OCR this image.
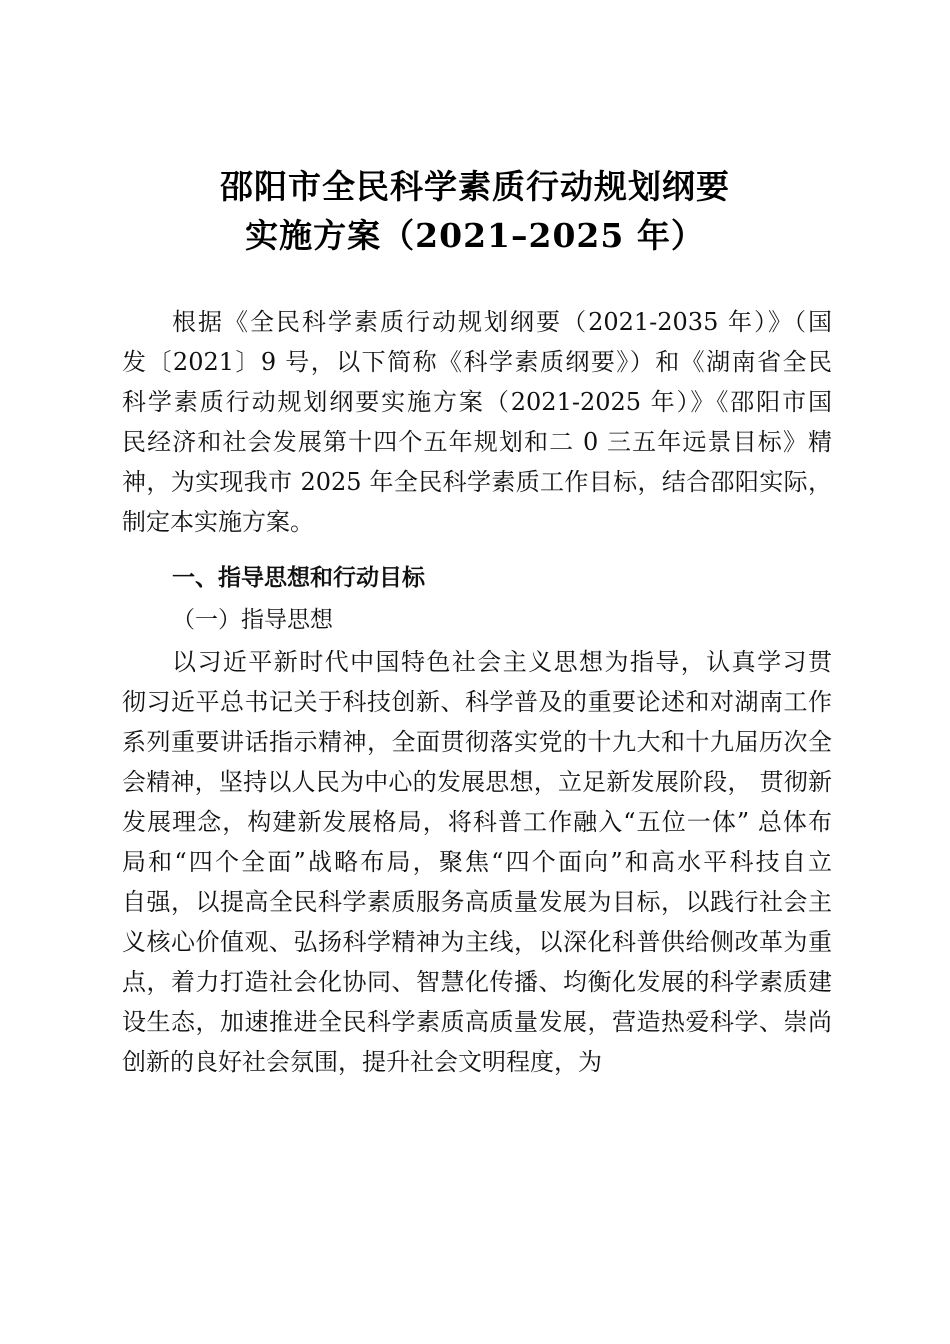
邵阳市全民科学素质行动规划纲要
实施方案（2021–2025 年）
根据《全民科学素质行动规划纲要（2021-2035 年）》（国
发〔2021〕9 号，以下简称《科学素质纲要》）和《湖南省全民
科学素质行动规划纲要实施方案（2021-2025 年）》《邵阳市国
民经济和社会发展第十四个五年规划和二 0 三五年远景目标》精
神，为实现我市 2025 年全民科学素质工作目标，结合邵阳实际，
制定本实施方案。
一、指导思想和行动目标
（一）指导思想
以习近平新时代中国特色社会主义思想为指导，认真学习贯
彻习近平总书记关于科技创新、科学普及的重要论述和对湖南工作
系列重要讲话指示精神，全面贯彻落实党的十九大和十九届历次全
会精神，坚持以人民为中心的发展思想，立足新发展阶段， 贯彻新
发展理念，构建新发展格局，将科普工作融入“五位一体” 总体布
局和“四个全面”战略布局，聚焦“四个面向”和高水平科技自立
自强，以提高全民科学素质服务高质量发展为目标，以践行社会主
义核心价值观、弘扬科学精神为主线，以深化科普供给侧改革为重
点，着力打造社会化协同、智慧化传播、均衡化发展的科学素质建
设生态，加速推进全民科学素质高质量发展，营造热爱科学、崇尚
创新的良好社会氛围，提升社会文明程度，为
